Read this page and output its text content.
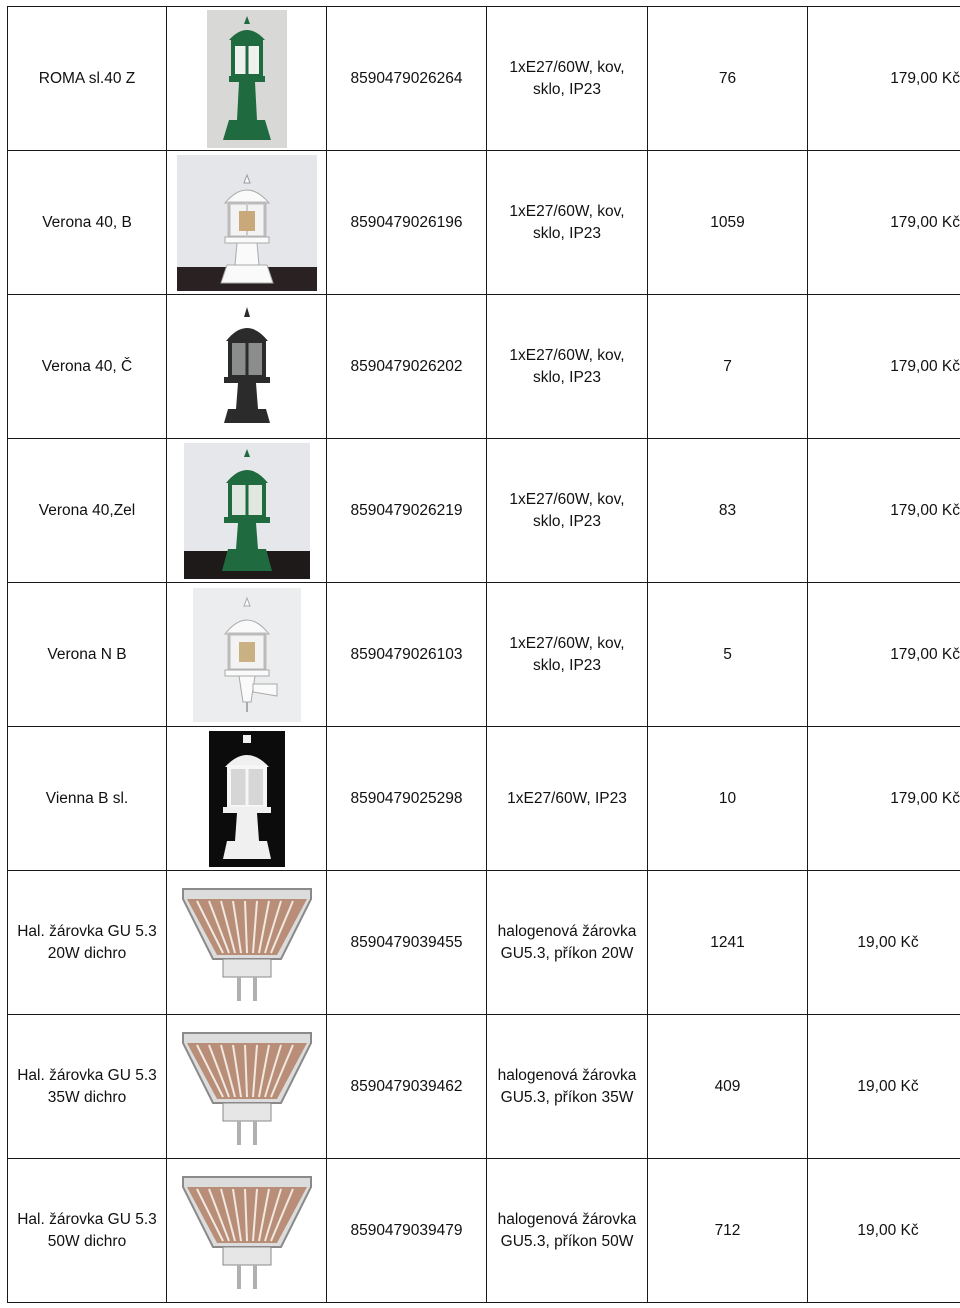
ROMA sl.40 Z		8590479026264	1xE27/60W, kov,
sklo, IP23	76	179,00 Kč

Verona 40, B		8590479026196	1xE27/60W, kov,
sklo, IP23	1059	179,00 Kč

Verona 40, Č		8590479026202	1xE27/60W, kov,
sklo, IP23	7	179,00 Kč

Verona 40,Zel		8590479026219	1xE27/60W, kov,
sklo, IP23	83	179,00 Kč

Verona N B		8590479026103	1xE27/60W, kov,
sklo, IP23	5	179,00 Kč

Vienna B sl.		8590479025298	1xE27/60W, IP23	10	179,00 Kč

Hal. žárovka GU 5.3
20W dichro		8590479039455	halogenová žárovka
GU5.3, příkon 20W	1241	19,00 Kč

Hal. žárovka GU 5.3
35W dichro		8590479039462	halogenová žárovka
GU5.3, příkon 35W	409	19,00 Kč

Hal. žárovka GU 5.3
50W dichro		8590479039479	halogenová žárovka
GU5.3, příkon 50W	712	19,00 Kč
